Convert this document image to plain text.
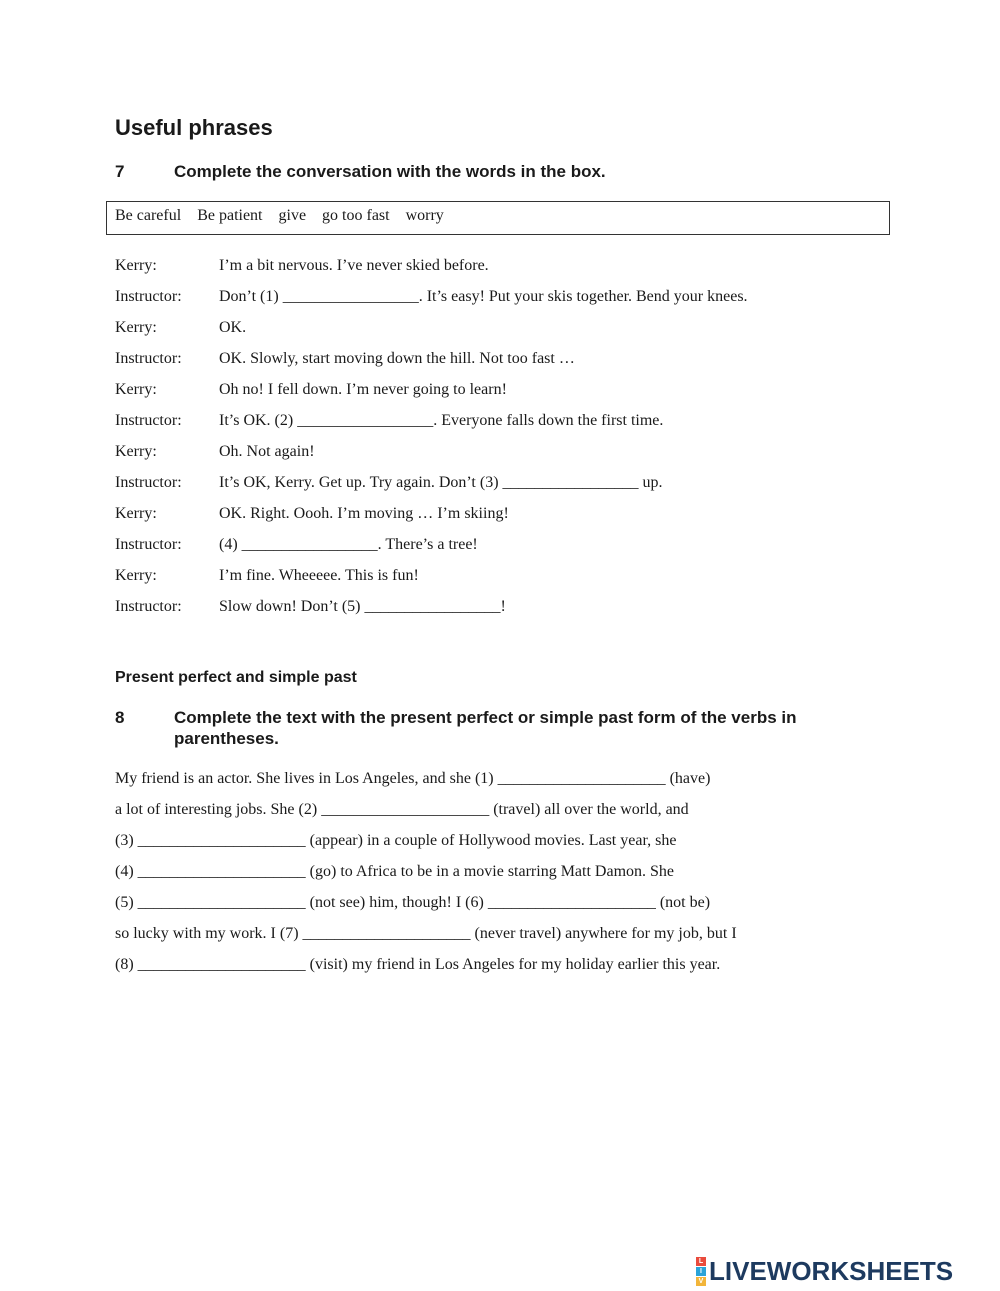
Useful phrases
7	Complete the conversation with the words in the box.
Be careful Be patient give go too fast worry
Kerry:	I’m a bit nervous. I’ve never skied before.
Instructor:	Don’t (1) _________________. It’s easy! Put your skis together. Bend your knees.
Kerry:	OK.
Instructor:	OK. Slowly, start moving down the hill. Not too fast …
Kerry:	Oh no! I fell down. I’m never going to learn!
Instructor:	It’s OK. (2) _________________. Everyone falls down the first time.
Kerry:	Oh. Not again!
Instructor:	It’s OK, Kerry. Get up. Try again. Don’t (3) _________________ up.
Kerry:	OK. Right. Oooh. I’m moving … I’m skiing!
Instructor:	(4) _________________. There’s a tree!
Kerry:	I’m fine. Wheeeee. This is fun!
Instructor:	Slow down! Don’t (5) _________________!
Present perfect and simple past
8	Complete the text with the present perfect or simple past form of the verbs in parentheses.
My friend is an actor. She lives in Los Angeles, and she (1) _____________________ (have)
a lot of interesting jobs. She (2) _____________________ (travel) all over the world, and
(3) _____________________ (appear) in a couple of Hollywood movies. Last year, she
(4) _____________________ (go) to Africa to be in a movie starring Matt Damon. She
(5) _____________________ (not see) him, though! I (6) _____________________ (not be)
so lucky with my work. I (7) _____________________ (never travel) anywhere for my job, but I
(8) _____________________ (visit) my friend in Los Angeles for my holiday earlier this year.
L
I
V LIVEWORKSHEETS
